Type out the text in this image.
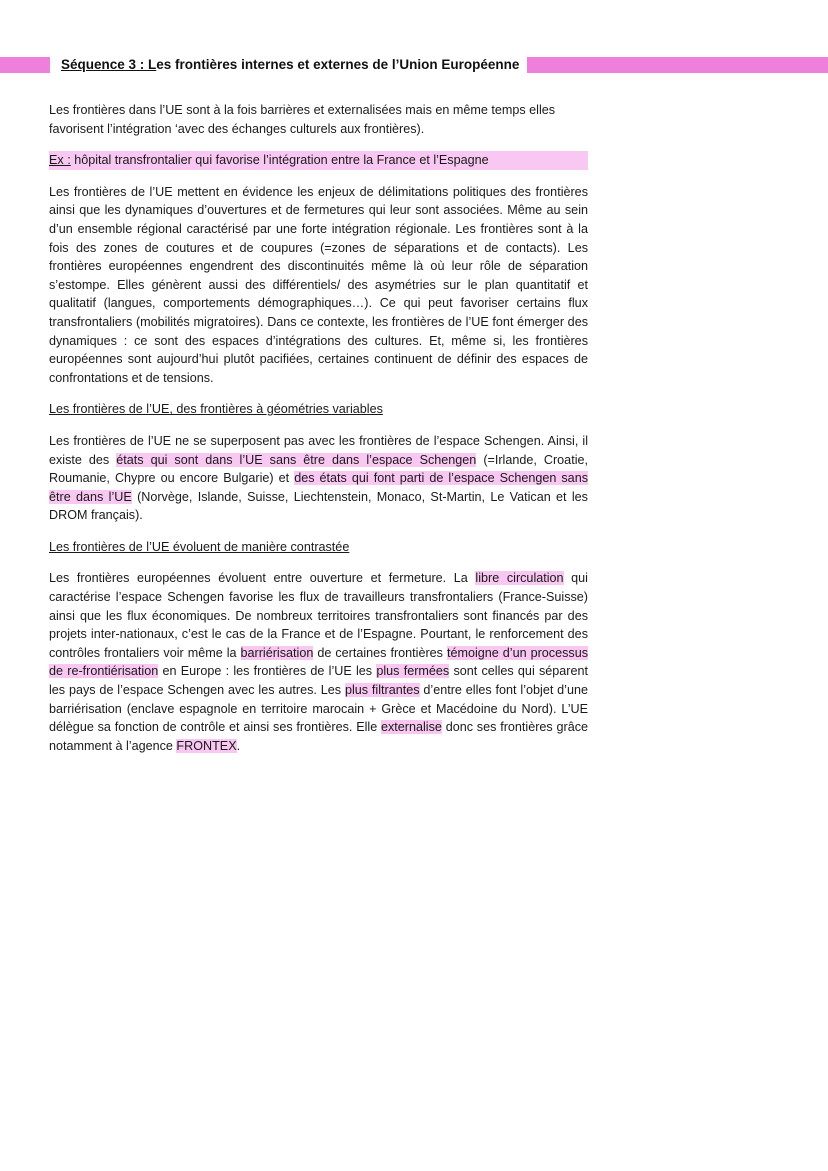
Séquence 3 : Les frontières internes et externes de l’Union Européenne

Les frontières dans l’UE sont à la fois barrières et externalisées mais en même temps elles favorisent l’intégration ‘avec des échanges culturels aux frontières).

Ex : hôpital transfrontalier qui favorise l’intégration entre la France et l’Espagne

Les frontières de l’UE mettent en évidence les enjeux de délimitations politiques des frontières ainsi que les dynamiques d’ouvertures et de fermetures qui leur sont associées. Même au sein d’un ensemble régional caractérisé par une forte intégration régionale. Les frontières sont à la fois des zones de coutures et de coupures (=zones de séparations et de contacts). Les frontières européennes engendrent des discontinuités même là où leur rôle de séparation s’estompe. Elles génèrent aussi des différentiels/ des asymétries sur le plan quantitatif et qualitatif (langues, comportements démographiques…). Ce qui peut favoriser certains flux transfrontaliers (mobilités migratoires). Dans ce contexte, les frontières de l’UE font émerger des dynamiques : ce sont des espaces d’intégrations des cultures. Et, même si, les frontières européennes sont aujourd’hui plutôt pacifiées, certaines continuent de définir des espaces de confrontations et de tensions.

Les frontières de l’UE, des frontières à géométries variables

Les frontières de l’UE ne se superposent pas avec les frontières de l’espace Schengen. Ainsi, il existe des états qui sont dans l’UE sans être dans l’espace Schengen (=Irlande, Croatie, Roumanie, Chypre ou encore Bulgarie) et des états qui font parti de l’espace Schengen sans être dans l’UE (Norvège, Islande, Suisse, Liechtenstein, Monaco, St-Martin, Le Vatican et les DROM français).

Les frontières de l’UE évoluent de manière contrastée

Les frontières européennes évoluent entre ouverture et fermeture. La libre circulation qui caractérise l’espace Schengen favorise les flux de travailleurs transfrontaliers (France-Suisse) ainsi que les flux économiques. De nombreux territoires transfrontaliers sont financés par des projets inter-nationaux, c’est le cas de la France et de l’Espagne. Pourtant, le renforcement des contrôles frontaliers voir même la barriérisation de certaines frontières témoigne d’un processus de re-frontiérisation en Europe : les frontières de l’UE les plus fermées sont celles qui séparent les pays de l’espace Schengen avec les autres. Les plus filtrantes d’entre elles font l’objet d’une barriérisation (enclave espagnole en territoire marocain + Grèce et Macédoine du Nord). L’UE délègue sa fonction de contrôle et ainsi ses frontières. Elle externalise donc ses frontières grâce notamment à l’agence FRONTEX.
